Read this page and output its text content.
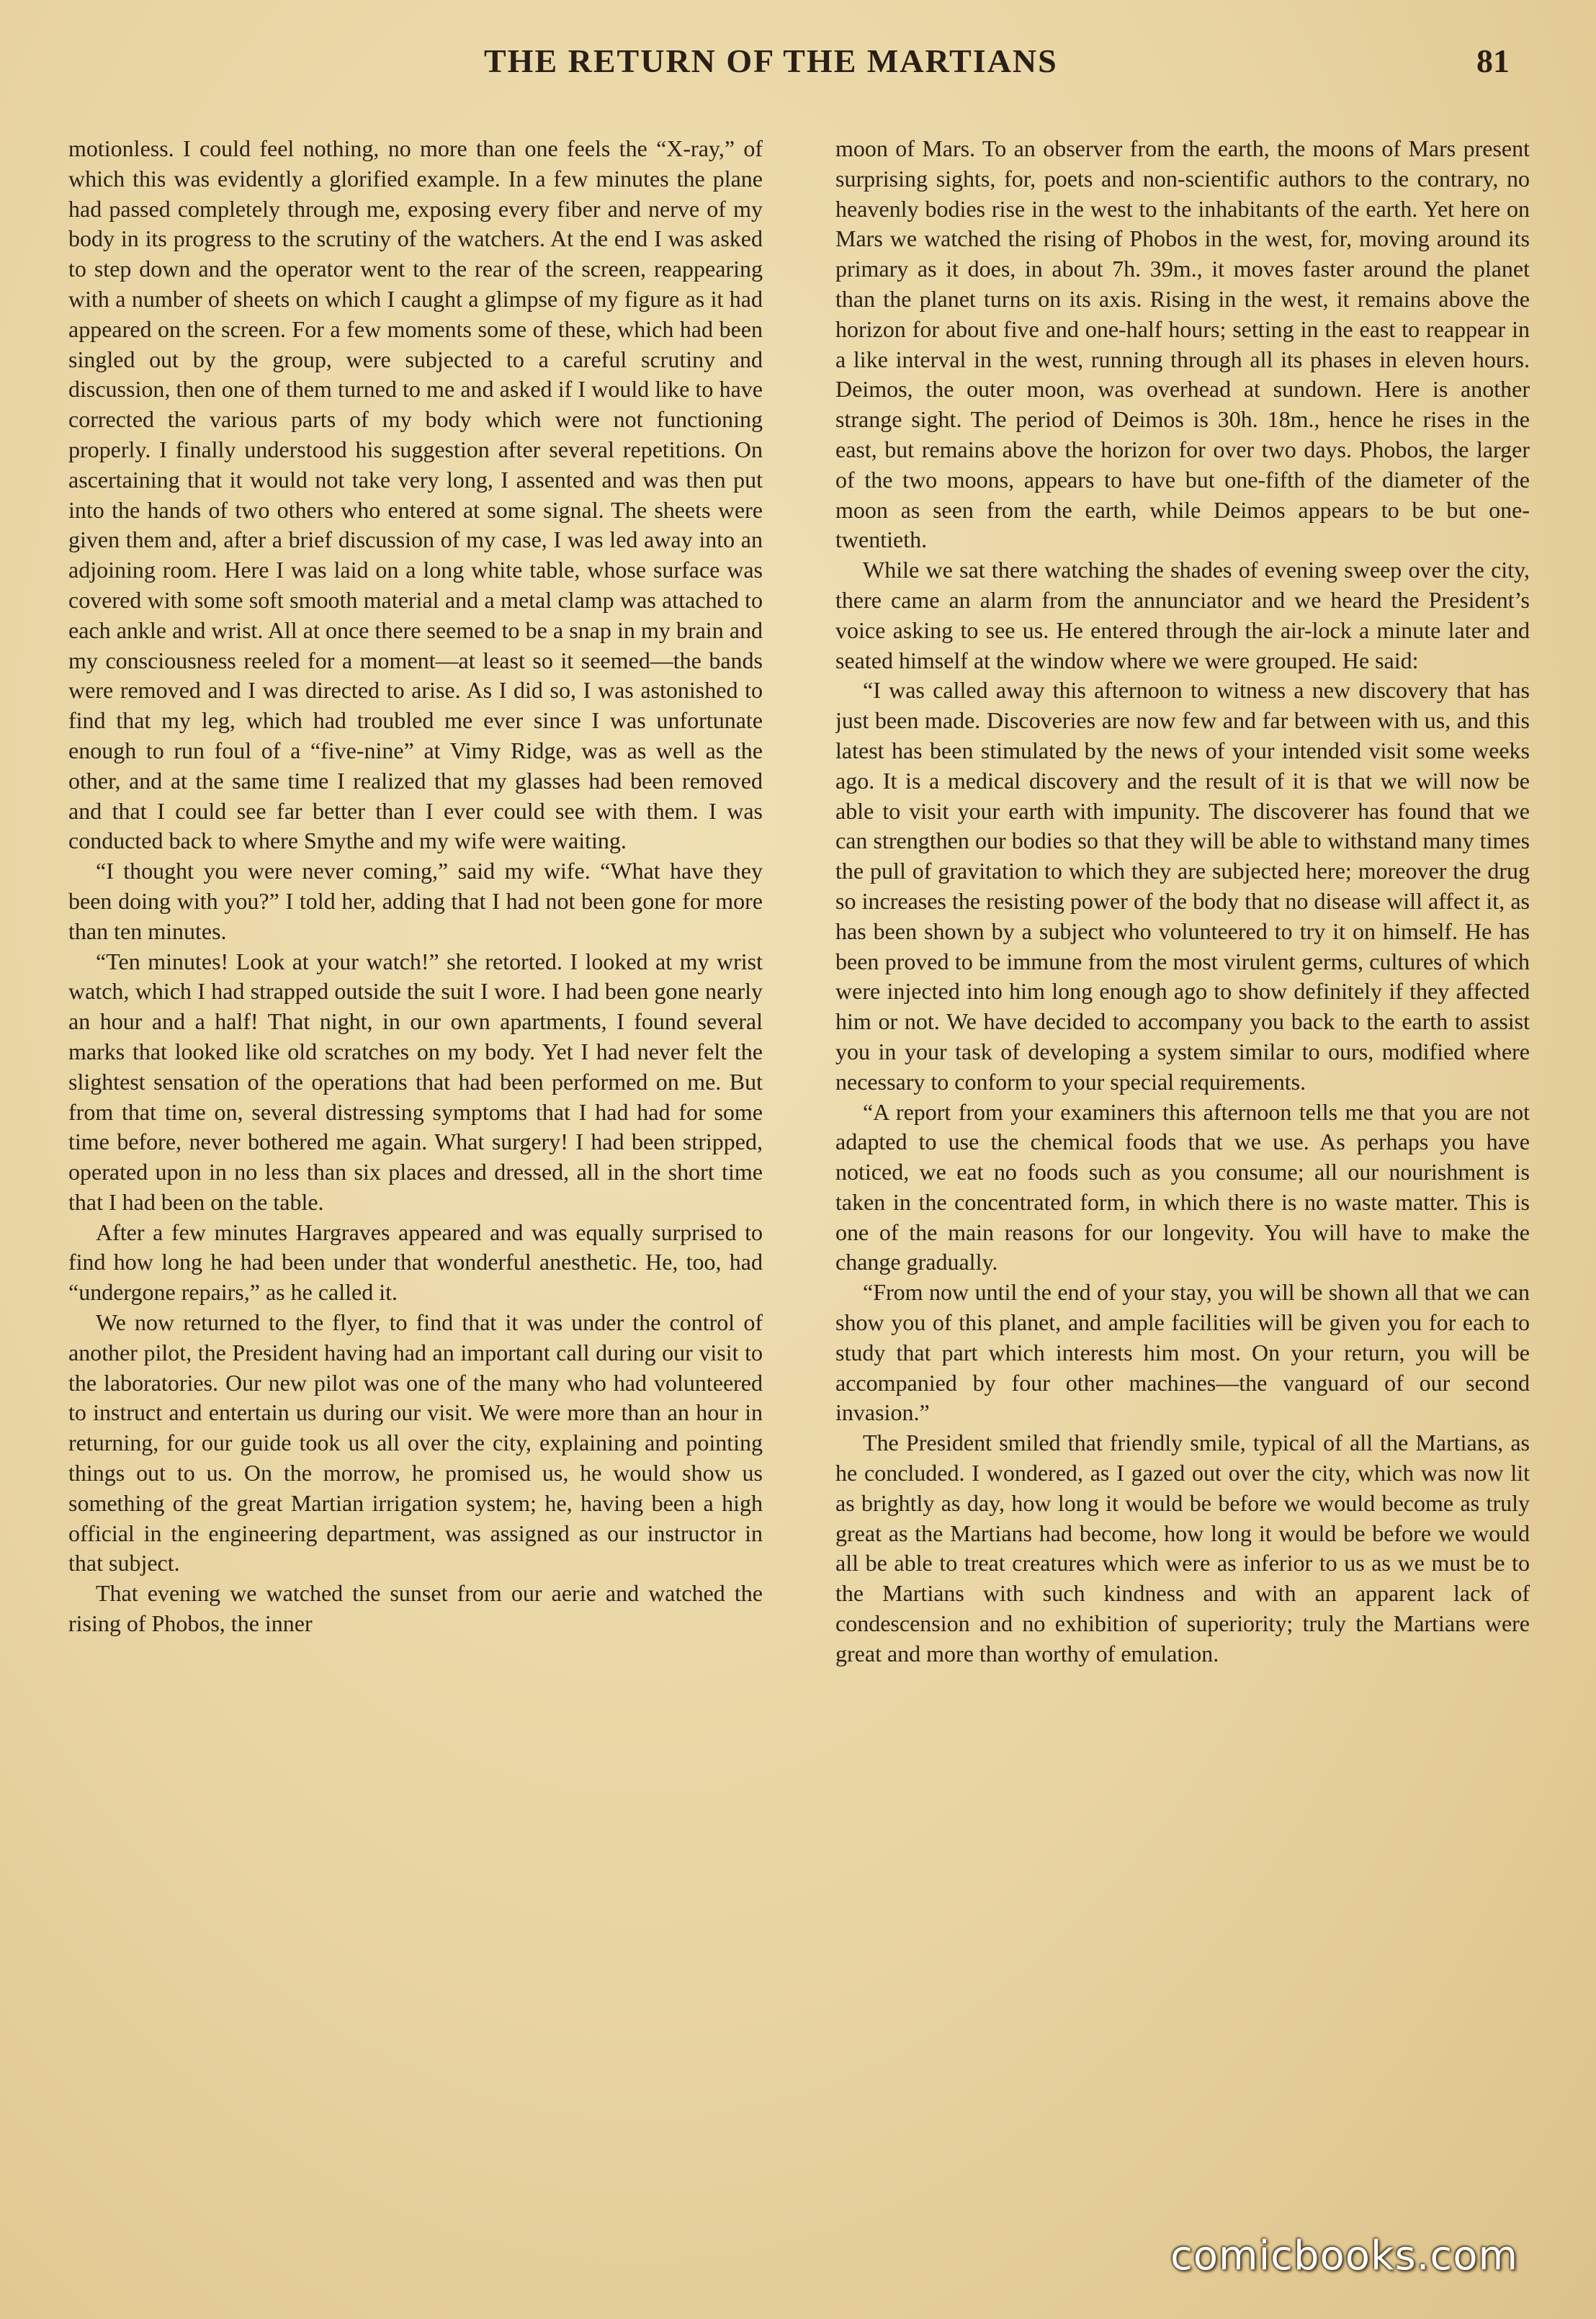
THE RETURN OF THE MARTIANS	81

motionless. I could feel nothing, no more than one feels the “X-ray,” of which this was evidently a glorified example. In a few minutes the plane had passed completely through me, exposing every fiber and nerve of my body in its progress to the scrutiny of the watchers. At the end I was asked to step down and the operator went to the rear of the screen, reappearing with a number of sheets on which I caught a glimpse of my figure as it had appeared on the screen. For a few moments some of these, which had been singled out by the group, were subjected to a careful scrutiny and discussion, then one of them turned to me and asked if I would like to have corrected the various parts of my body which were not functioning properly. I finally understood his suggestion after several repetitions. On ascertaining that it would not take very long, I assented and was then put into the hands of two others who entered at some signal. The sheets were given them and, after a brief discussion of my case, I was led away into an adjoining room. Here I was laid on a long white table, whose surface was covered with some soft smooth material and a metal clamp was attached to each ankle and wrist. All at once there seemed to be a snap in my brain and my consciousness reeled for a moment—at least so it seemed—the bands were removed and I was directed to arise. As I did so, I was astonished to find that my leg, which had troubled me ever since I was unfortunate enough to run foul of a “five-nine” at Vimy Ridge, was as well as the other, and at the same time I realized that my glasses had been removed and that I could see far better than I ever could see with them. I was conducted back to where Smythe and my wife were waiting.

“I thought you were never coming,” said my wife. “What have they been doing with you?” I told her, adding that I had not been gone for more than ten minutes.

“Ten minutes! Look at your watch!” she retorted. I looked at my wrist watch, which I had strapped outside the suit I wore. I had been gone nearly an hour and a half! That night, in our own apartments, I found several marks that looked like old scratches on my body. Yet I had never felt the slightest sensation of the operations that had been performed on me. But from that time on, several distressing symptoms that I had had for some time before, never bothered me again. What surgery! I had been stripped, operated upon in no less than six places and dressed, all in the short time that I had been on the table.

After a few minutes Hargraves appeared and was equally surprised to find how long he had been under that wonderful anesthetic. He, too, had “undergone repairs,” as he called it.

We now returned to the flyer, to find that it was under the control of another pilot, the President having had an important call during our visit to the laboratories. Our new pilot was one of the many who had volunteered to instruct and entertain us during our visit. We were more than an hour in returning, for our guide took us all over the city, explaining and pointing things out to us. On the morrow, he promised us, he would show us something of the great Martian irrigation system; he, having been a high official in the engineering department, was assigned as our instructor in that subject.

That evening we watched the sunset from our aerie and watched the rising of Phobos, the inner

moon of Mars. To an observer from the earth, the moons of Mars present surprising sights, for, poets and non-scientific authors to the contrary, no heavenly bodies rise in the west to the inhabitants of the earth. Yet here on Mars we watched the rising of Phobos in the west, for, moving around its primary as it does, in about 7h. 39m., it moves faster around the planet than the planet turns on its axis. Rising in the west, it remains above the horizon for about five and one-half hours; setting in the east to reappear in a like interval in the west, running through all its phases in eleven hours. Deimos, the outer moon, was overhead at sundown. Here is another strange sight. The period of Deimos is 30h. 18m., hence he rises in the east, but remains above the horizon for over two days. Phobos, the larger of the two moons, appears to have but one-fifth of the diameter of the moon as seen from the earth, while Deimos appears to be but one-twentieth.

While we sat there watching the shades of evening sweep over the city, there came an alarm from the annunciator and we heard the President’s voice asking to see us. He entered through the air-lock a minute later and seated himself at the window where we were grouped. He said:

“I was called away this afternoon to witness a new discovery that has just been made. Discoveries are now few and far between with us, and this latest has been stimulated by the news of your intended visit some weeks ago. It is a medical discovery and the result of it is that we will now be able to visit your earth with impunity. The discoverer has found that we can strengthen our bodies so that they will be able to withstand many times the pull of gravitation to which they are subjected here; moreover the drug so increases the resisting power of the body that no disease will affect it, as has been shown by a subject who volunteered to try it on himself. He has been proved to be immune from the most virulent germs, cultures of which were injected into him long enough ago to show definitely if they affected him or not. We have decided to accompany you back to the earth to assist you in your task of developing a system similar to ours, modified where necessary to conform to your special requirements.

“A report from your examiners this afternoon tells me that you are not adapted to use the chemical foods that we use. As perhaps you have noticed, we eat no foods such as you consume; all our nourishment is taken in the concentrated form, in which there is no waste matter. This is one of the main reasons for our longevity. You will have to make the change gradually.

“From now until the end of your stay, you will be shown all that we can show you of this planet, and ample facilities will be given you for each to study that part which interests him most. On your return, you will be accompanied by four other machines—the vanguard of our second invasion.”

The President smiled that friendly smile, typical of all the Martians, as he concluded. I wondered, as I gazed out over the city, which was now lit as brightly as day, how long it would be before we would become as truly great as the Martians had become, how long it would be before we would all be able to treat creatures which were as inferior to us as we must be to the Martians with such kindness and with an apparent lack of condescension and no exhibition of superiority; truly the Martians were great and more than worthy of emulation.

comicbooks.com
